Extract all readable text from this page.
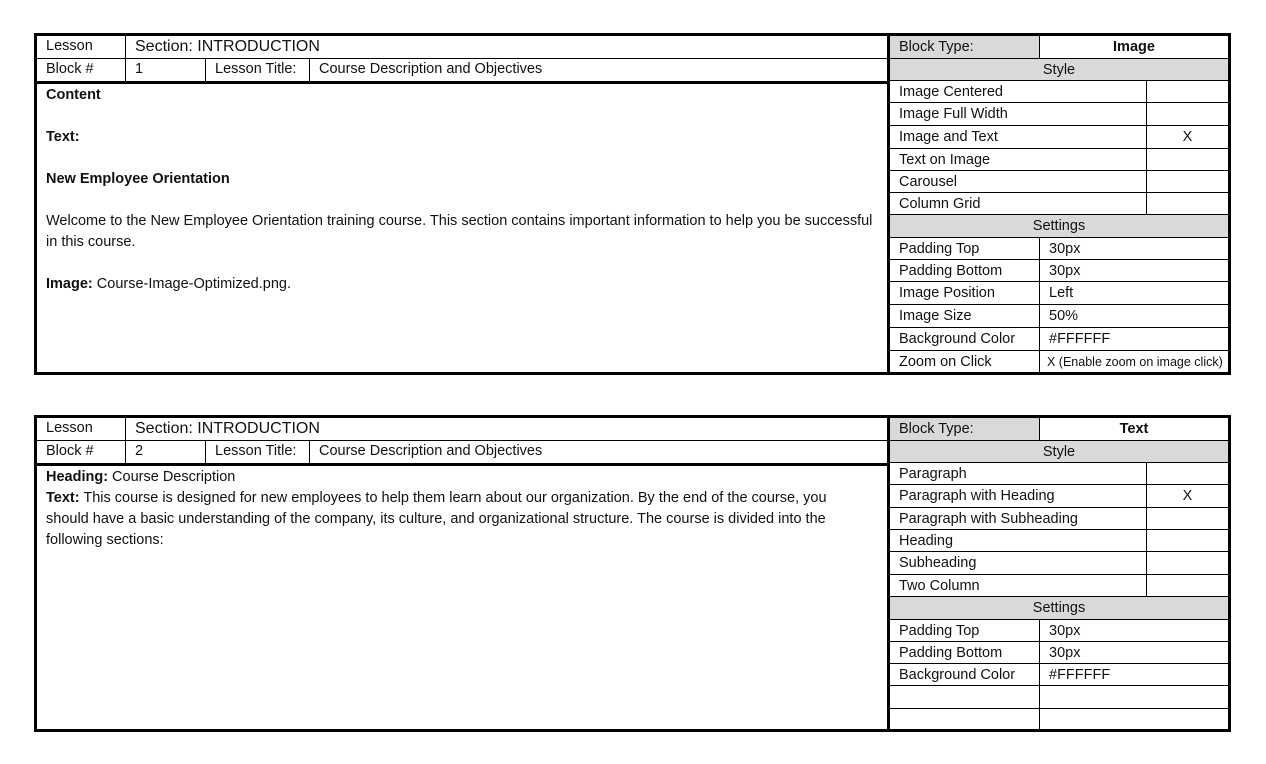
Lesson	Section: INTRODUCTION
Block #	1	Lesson Title:	Course Description and Objectives

Content

Text:

New Employee Orientation

Welcome to the New Employee Orientation training course. This section contains important information to help you be successful in this course.

Image: Course-Image-Optimized.png.

Block Type:	Image
Style
Image Centered
Image Full Width
Image and Text	X
Text on Image
Carousel
Column Grid
Settings
Padding Top	30px
Padding Bottom	30px
Image Position	Left
Image Size	50%
Background Color	#FFFFFF
Zoom on Click	X (Enable zoom on image click)
Lesson	Section: INTRODUCTION
Block #	2	Lesson Title:	Course Description and Objectives

Heading: Course Description

Text: This course is designed for new employees to help them learn about our organization. By the end of the course, you should have a basic understanding of the company, its culture, and organizational structure. The course is divided into the following sections:

Block Type:	Text
Style
Paragraph
Paragraph with Heading	X
Paragraph with Subheading
Heading
Subheading
Two Column
Settings
Padding Top	30px
Padding Bottom	30px
Background Color	#FFFFFF
